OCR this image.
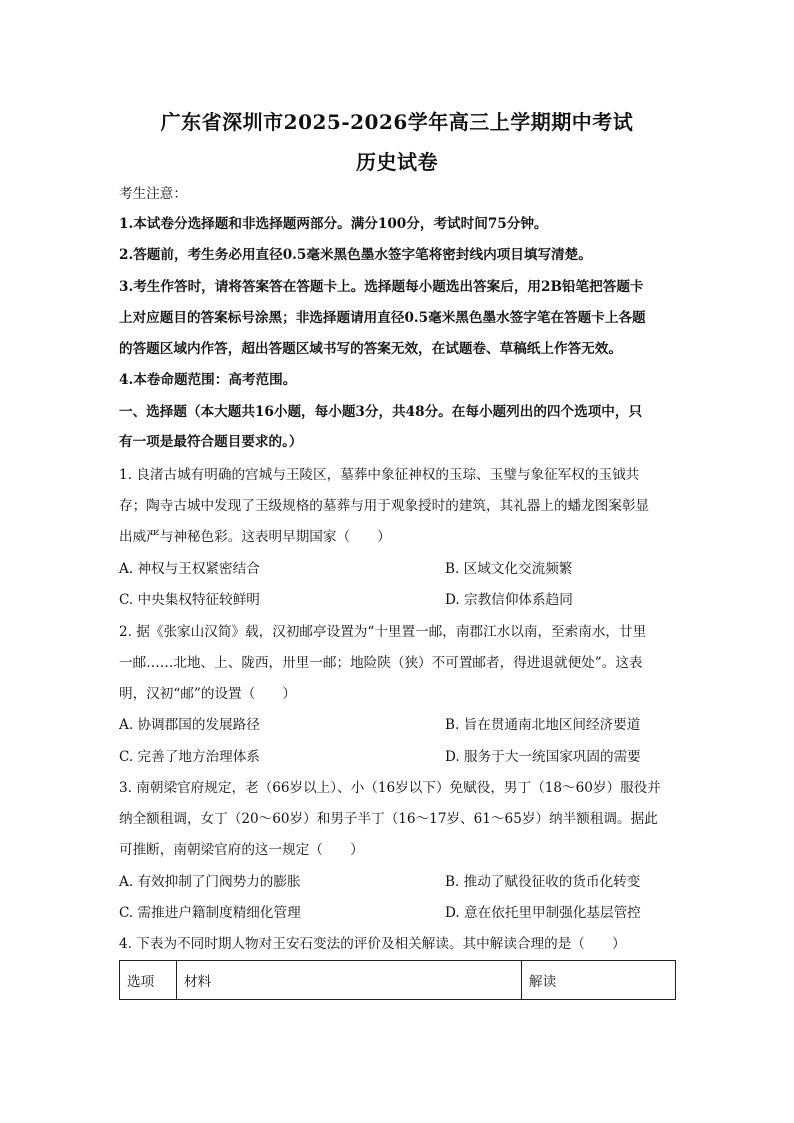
广东省深圳市2025-2026学年高三上学期期中考试
历史试卷
考生注意：
1.本试卷分选择题和非选择题两部分。满分100分，考试时间75分钟。
2.答题前，考生务必用直径0.5毫米黑色墨水签字笔将密封线内项目填写清楚。
3.考生作答时，请将答案答在答题卡上。选择题每小题选出答案后，用2B铅笔把答题卡
上对应题目的答案标号涂黑；非选择题请用直径0.5毫米黑色墨水签字笔在答题卡上各题
的答题区域内作答，超出答题区域书写的答案无效，在试题卷、草稿纸上作答无效。
4.本卷命题范围：高考范围。
一、选择题（本大题共16小题，每小题3分，共48分。在每小题列出的四个选项中，只
有一项是最符合题目要求的。）
1. 良渚古城有明确的宫城与王陵区，墓葬中象征神权的玉琮、玉璧与象征军权的玉钺共
存；陶寺古城中发现了王级规格的墓葬与用于观象授时的建筑，其礼器上的蟠龙图案彰显
出威严与神秘色彩。这表明早期国家（　　）
A. 神权与王权紧密结合	B. 区域文化交流频繁
C. 中央集权特征较鲜明	D. 宗教信仰体系趋同
2. 据《张家山汉简》载，汉初邮亭设置为“十里置一邮，南郡江水以南，至索南水，廿里
一邮……北地、上、陇西，卅里一邮；地险陕（狭）不可置邮者，得进退就便处”。这表
明，汉初“邮”的设置（　　）
A. 协调郡国的发展路径	B. 旨在贯通南北地区间经济要道
C. 完善了地方治理体系	D. 服务于大一统国家巩固的需要
3. 南朝梁官府规定，老（66岁以上）、小（16岁以下）免赋役，男丁（18～60岁）服役并
纳全额租调，女丁（20～60岁）和男子半丁（16～17岁、61～65岁）纳半额租调。据此
可推断，南朝梁官府的这一规定（　　）
A. 有效抑制了门阀势力的膨胀	B. 推动了赋役征收的货币化转变
C. 需推进户籍制度精细化管理	D. 意在依托里甲制强化基层管控
4. 下表为不同时期人物对王安石变法的评价及相关解读。其中解读合理的是（　　）
选项	材料	解读
